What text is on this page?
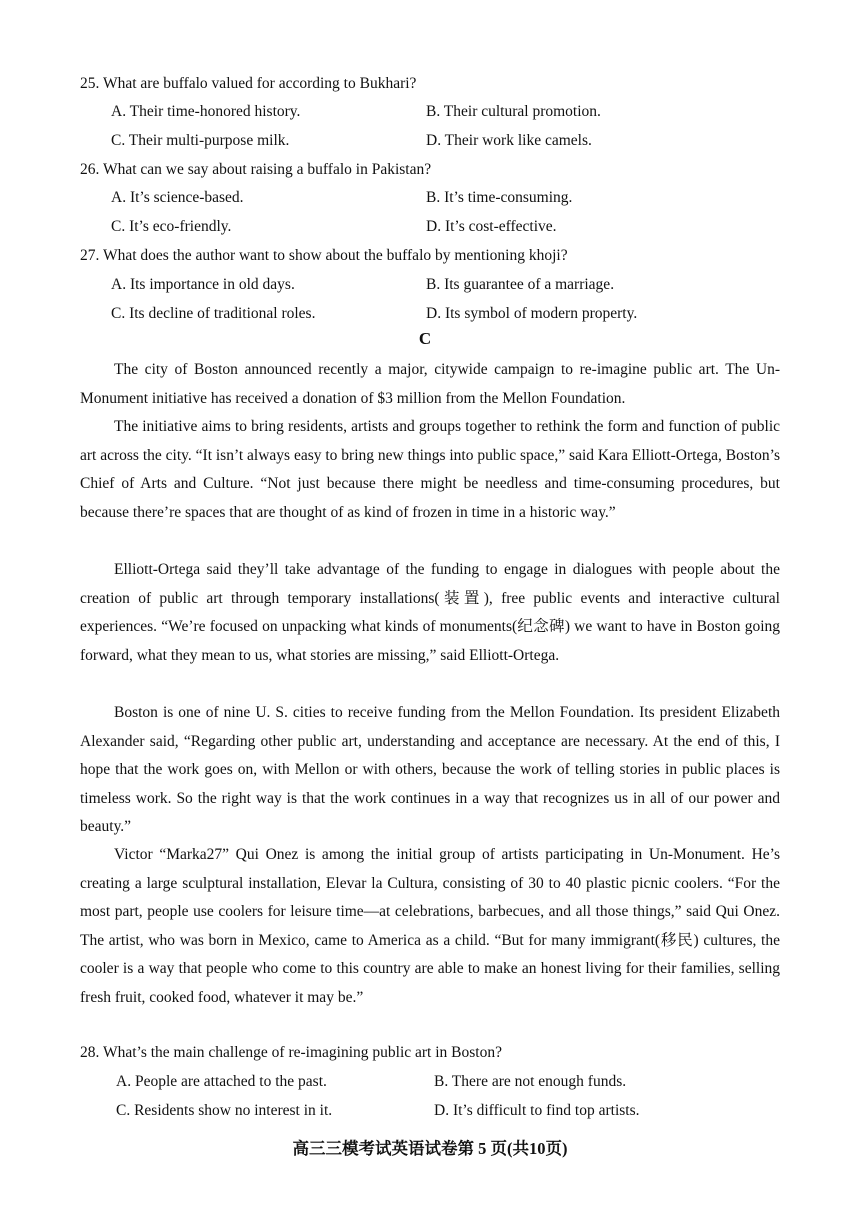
25. What are buffalo valued for according to Bukhari?
A. Their time-honored history.	B. Their cultural promotion.
C. Their multi-purpose milk.	D. Their work like camels.
26. What can we say about raising a buffalo in Pakistan?
A. It’s science-based.	B. It’s time-consuming.
C. It’s eco-friendly.	D. It’s cost-effective.
27. What does the author want to show about the buffalo by mentioning khoji?
A. Its importance in old days.	B. Its guarantee of a marriage.
C. Its decline of traditional roles.	D. Its symbol of modern property.
C

The city of Boston announced recently a major, citywide campaign to re-imagine public art. The Un-Monument initiative has received a donation of $3 million from the Mellon Foundation.

The initiative aims to bring residents, artists and groups together to rethink the form and function of public art across the city. “It isn’t always easy to bring new things into public space,” said Kara Elliott-Ortega, Boston’s Chief of Arts and Culture. “Not just because there might be needless and time-consuming procedures, but because there’re spaces that are thought of as kind of frozen in time in a historic way.”

Elliott-Ortega said they’ll take advantage of the funding to engage in dialogues with people about the creation of public art through temporary installations(装置), free public events and interactive cultural experiences. “We’re focused on unpacking what kinds of monuments(纪念碑) we want to have in Boston going forward, what they mean to us, what stories are missing,” said Elliott-Ortega.

Boston is one of nine U. S. cities to receive funding from the Mellon Foundation. Its president Elizabeth Alexander said, “Regarding other public art, understanding and acceptance are necessary. At the end of this, I hope that the work goes on, with Mellon or with others, because the work of telling stories in public places is timeless work. So the right way is that the work continues in a way that recognizes us in all of our power and beauty.”

Victor “Marka27” Qui Onez is among the initial group of artists participating in Un-Monument. He’s creating a large sculptural installation, Elevar la Cultura, consisting of 30 to 40 plastic picnic coolers. “For the most part, people use coolers for leisure time—at celebrations, barbecues, and all those things,” said Qui Onez. The artist, who was born in Mexico, came to America as a child. “But for many immigrant(移民) cultures, the cooler is a way that people who come to this country are able to make an honest living for their families, selling fresh fruit, cooked food, whatever it may be.”

28. What’s the main challenge of re-imagining public art in Boston?
A. People are attached to the past.	B. There are not enough funds.
C. Residents show no interest in it.	D. It’s difficult to find top artists.
高三三模考试英语试卷第 5 页(共10页)
